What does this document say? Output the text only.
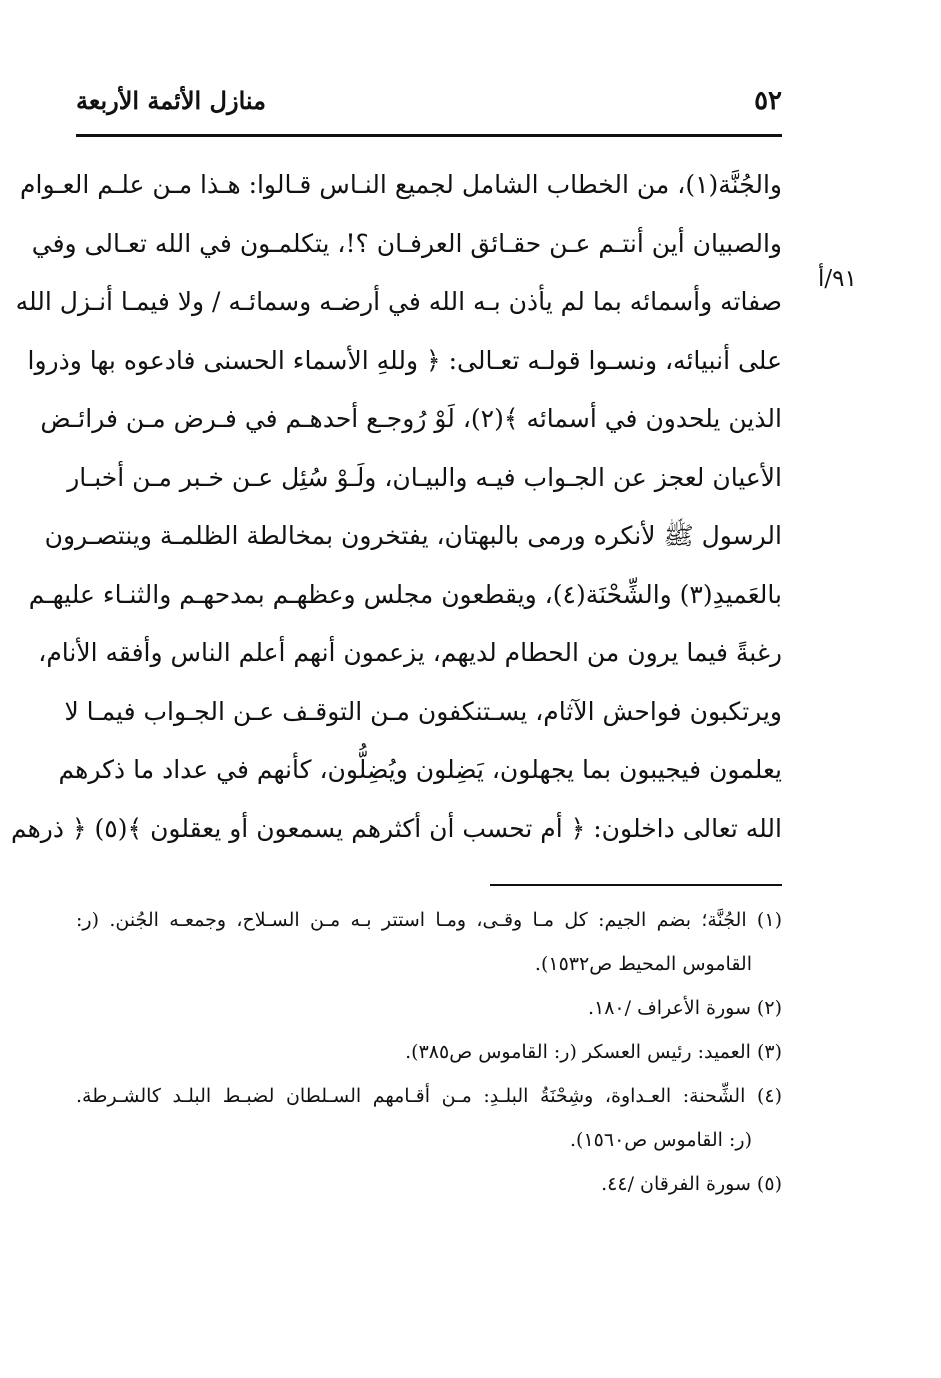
٥٢
منازل الأئمة الأربعة
٩١/أ
والجُنَّة(١)، من الخطاب الشامل لجميع النـاس قـالوا: هـذا مـن علـم العـوام
والصبيان أين أنتـم عـن حقـائق العرفـان ؟!، يتكلمـون في الله تعـالى وفي
صفاته وأسمائه بما لم يأذن بـه الله في أرضـه وسمائـه / ولا فيمـا أنـزل الله
على أنبيائه، ونسـوا قولـه تعـالى: ﴿ وللهِ الأسماء الحسنى فادعوه بها وذروا
الذين يلحدون في أسمائه ﴾(٢)، لَوْ رُوجـع أحدهـم في فـرض مـن فرائـض
الأعيان لعجز عن الجـواب فيـه والبيـان، ولَـوْ سُئِل عـن خـبر مـن أخبـار
الرسول ﷺ لأنكره ورمى بالبهتان، يفتخرون بمخالطة الظلمـة وينتصـرون
بالعَميدِ(٣) والشِّحْنَة(٤)، ويقطعون مجلس وعظهـم بمدحهـم والثنـاء عليهـم
رغبةً فيما يرون من الحطام لديهم، يزعمون أنهم أعلم الناس وأفقه الأنام،
ويرتكبون فواحش الآثام، يسـتنكفون مـن التوقـف عـن الجـواب فيمـا لا
يعلمون فيجيبون بما يجهلون، يَضِلون ويُضِلُّون، كأنهم في عداد ما ذكرهم
الله تعالى داخلون: ﴿ أم تحسب أن أكثرهم يسمعون أو يعقلون ﴾(٥) ﴿ ذرهم
(١) الجُنَّة؛ بضم الجيم: كل مـا وقـى، ومـا استتر بـه مـن السـلاح، وجمعـه الجُنن. (ر:
القاموس المحيط ص١٥٣٢).
(٢) سورة الأعراف /١٨٠.
(٣) العميد: رئيس العسكر (ر: القاموس ص٣٨٥).
(٤) الشِّحنة: العـداوة، وشِحْنَةُ البلـدِ: مـن أقـامهم السـلطان لضبـط البلـد كالشـرطة.
(ر: القاموس ص١٥٦٠).
(٥) سورة الفرقان /٤٤.
